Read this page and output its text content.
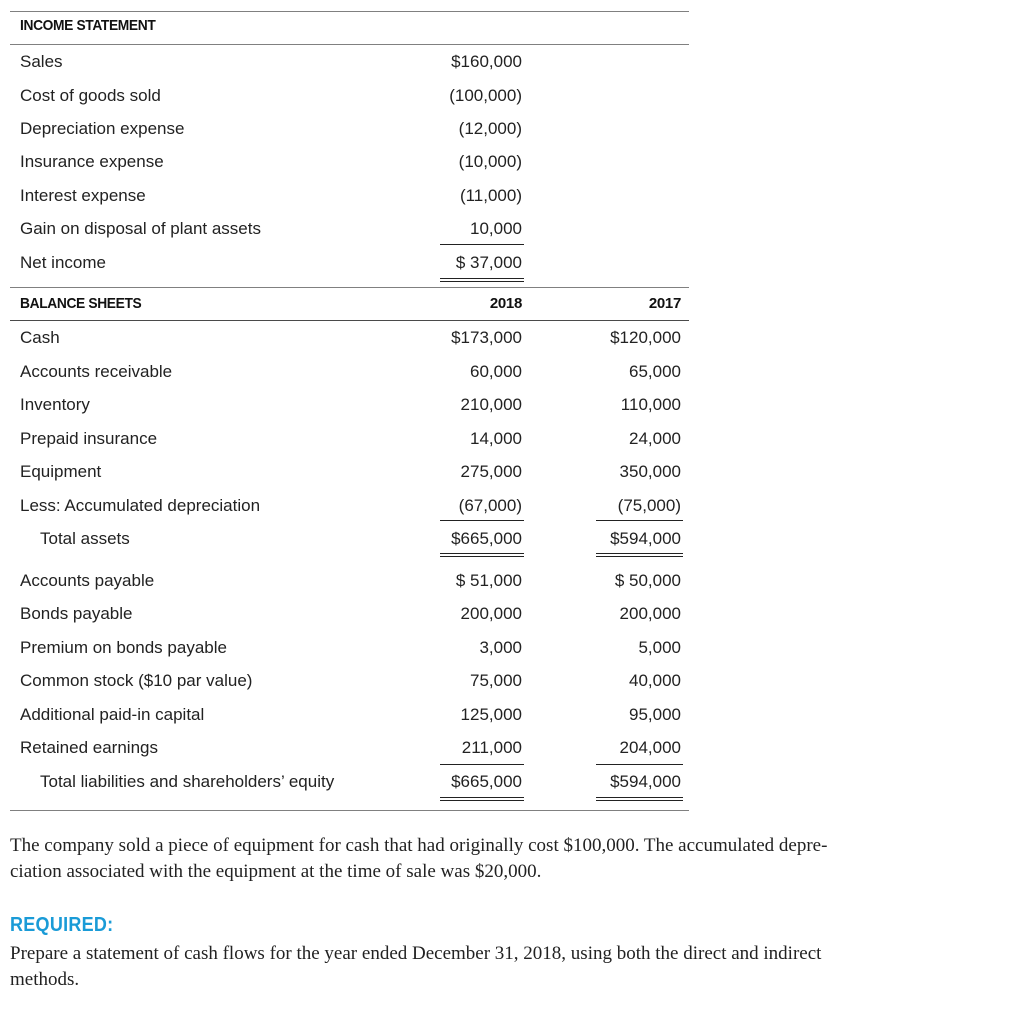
INCOME STATEMENT
Sales	$160,000
Cost of goods sold	(100,000)
Depreciation expense	(12,000)
Insurance expense	(10,000)
Interest expense	(11,000)
Gain on disposal of plant assets	10,000
Net income	$ 37,000
BALANCE SHEETS	2018	2017
Cash	$173,000	$120,000
Accounts receivable	60,000	65,000
Inventory	210,000	110,000
Prepaid insurance	14,000	24,000
Equipment	275,000	350,000
Less: Accumulated depreciation	(67,000)	(75,000)
Total assets	$665,000	$594,000
Accounts payable	$ 51,000	$ 50,000
Bonds payable	200,000	200,000
Premium on bonds payable	3,000	5,000
Common stock ($10 par value)	75,000	40,000
Additional paid-in capital	125,000	95,000
Retained earnings	211,000	204,000
Total liabilities and shareholders’ equity	$665,000	$594,000
The company sold a piece of equipment for cash that had originally cost $100,000. The accumulated depre-
ciation associated with the equipment at the time of sale was $20,000.
REQUIRED:
Prepare a statement of cash flows for the year ended December 31, 2018, using both the direct and indirect
methods.
